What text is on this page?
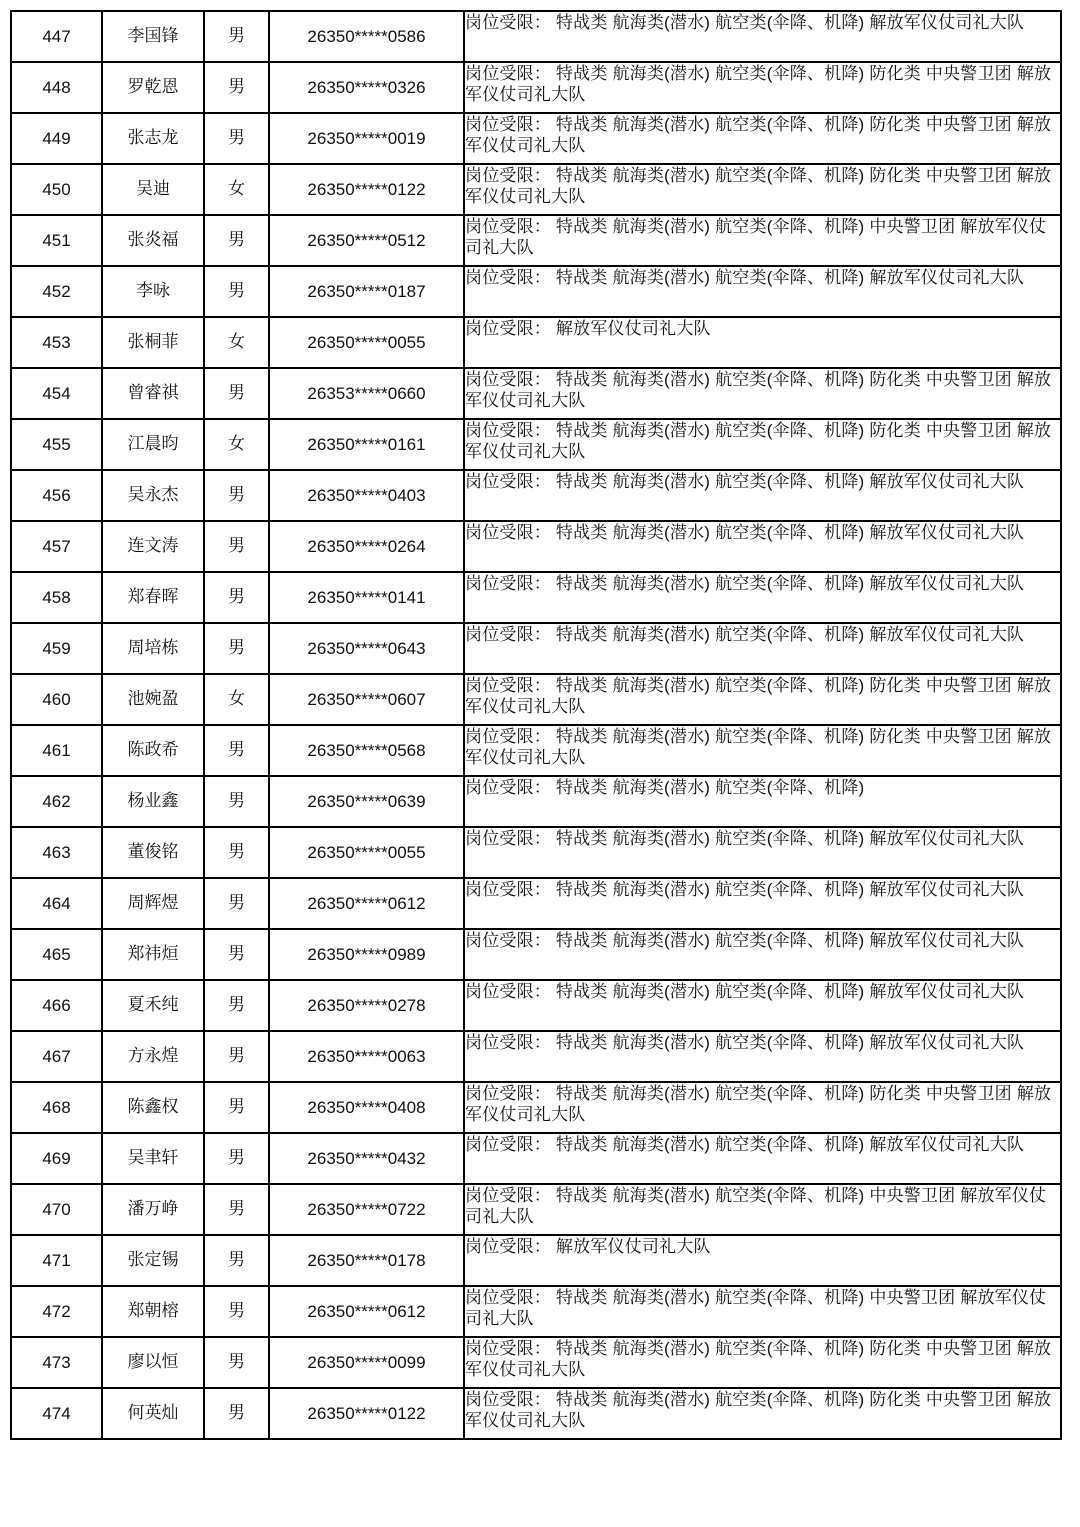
447	李国锋	男	26350*****0586	岗位受限： 特战类 航海类(潜水) 航空类(伞降、机降) 解放军仪仗司礼大队
448	罗乾恩	男	26350*****0326	岗位受限： 特战类 航海类(潜水) 航空类(伞降、机降) 防化类 中央警卫团 解放军仪仗司礼大队
449	张志龙	男	26350*****0019	岗位受限： 特战类 航海类(潜水) 航空类(伞降、机降) 防化类 中央警卫团 解放军仪仗司礼大队
450	吴迪	女	26350*****0122	岗位受限： 特战类 航海类(潜水) 航空类(伞降、机降) 防化类 中央警卫团 解放军仪仗司礼大队
451	张炎福	男	26350*****0512	岗位受限： 特战类 航海类(潜水) 航空类(伞降、机降) 中央警卫团 解放军仪仗司礼大队
452	李咏	男	26350*****0187	岗位受限： 特战类 航海类(潜水) 航空类(伞降、机降) 解放军仪仗司礼大队
453	张桐菲	女	26350*****0055	岗位受限： 解放军仪仗司礼大队
454	曾睿祺	男	26353*****0660	岗位受限： 特战类 航海类(潜水) 航空类(伞降、机降) 防化类 中央警卫团 解放军仪仗司礼大队
455	江晨昀	女	26350*****0161	岗位受限： 特战类 航海类(潜水) 航空类(伞降、机降) 防化类 中央警卫团 解放军仪仗司礼大队
456	吴永杰	男	26350*****0403	岗位受限： 特战类 航海类(潜水) 航空类(伞降、机降) 解放军仪仗司礼大队
457	连文涛	男	26350*****0264	岗位受限： 特战类 航海类(潜水) 航空类(伞降、机降) 解放军仪仗司礼大队
458	郑春晖	男	26350*****0141	岗位受限： 特战类 航海类(潜水) 航空类(伞降、机降) 解放军仪仗司礼大队
459	周培栋	男	26350*****0643	岗位受限： 特战类 航海类(潜水) 航空类(伞降、机降) 解放军仪仗司礼大队
460	池婉盈	女	26350*****0607	岗位受限： 特战类 航海类(潜水) 航空类(伞降、机降) 防化类 中央警卫团 解放军仪仗司礼大队
461	陈政希	男	26350*****0568	岗位受限： 特战类 航海类(潜水) 航空类(伞降、机降) 防化类 中央警卫团 解放军仪仗司礼大队
462	杨业鑫	男	26350*****0639	岗位受限： 特战类 航海类(潜水) 航空类(伞降、机降)
463	董俊铭	男	26350*****0055	岗位受限： 特战类 航海类(潜水) 航空类(伞降、机降) 解放军仪仗司礼大队
464	周辉煜	男	26350*****0612	岗位受限： 特战类 航海类(潜水) 航空类(伞降、机降) 解放军仪仗司礼大队
465	郑祎烜	男	26350*****0989	岗位受限： 特战类 航海类(潜水) 航空类(伞降、机降) 解放军仪仗司礼大队
466	夏禾纯	男	26350*****0278	岗位受限： 特战类 航海类(潜水) 航空类(伞降、机降) 解放军仪仗司礼大队
467	方永煌	男	26350*****0063	岗位受限： 特战类 航海类(潜水) 航空类(伞降、机降) 解放军仪仗司礼大队
468	陈鑫权	男	26350*****0408	岗位受限： 特战类 航海类(潜水) 航空类(伞降、机降) 防化类 中央警卫团 解放军仪仗司礼大队
469	吴聿轩	男	26350*****0432	岗位受限： 特战类 航海类(潜水) 航空类(伞降、机降) 解放军仪仗司礼大队
470	潘万峥	男	26350*****0722	岗位受限： 特战类 航海类(潜水) 航空类(伞降、机降) 中央警卫团 解放军仪仗司礼大队
471	张定锡	男	26350*****0178	岗位受限： 解放军仪仗司礼大队
472	郑朝榕	男	26350*****0612	岗位受限： 特战类 航海类(潜水) 航空类(伞降、机降) 中央警卫团 解放军仪仗司礼大队
473	廖以恒	男	26350*****0099	岗位受限： 特战类 航海类(潜水) 航空类(伞降、机降) 防化类 中央警卫团 解放军仪仗司礼大队
474	何英灿	男	26350*****0122	岗位受限： 特战类 航海类(潜水) 航空类(伞降、机降) 防化类 中央警卫团 解放军仪仗司礼大队
